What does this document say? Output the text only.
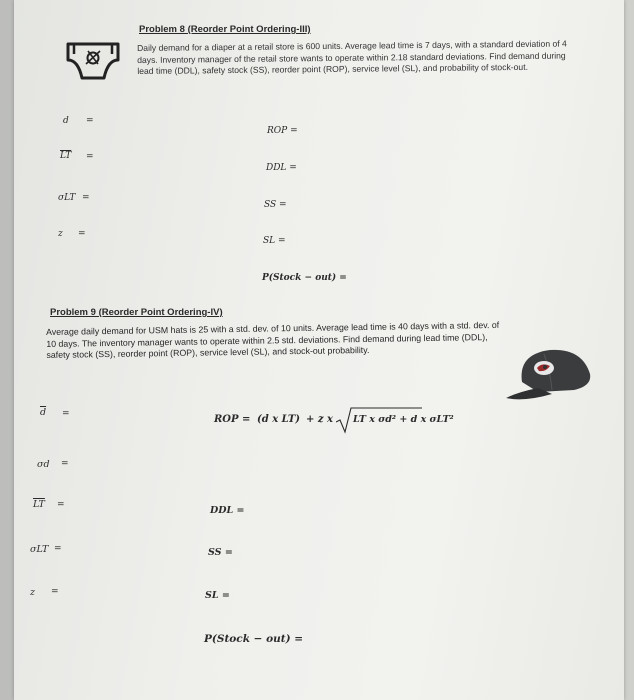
Problem 8 (Reorder Point Ordering-III)
Daily demand for a diaper at a retail store is 600 units. Average lead time is 7 days, with a standard deviation of 4 days. Inventory manager of the retail store wants to operate within 2.18 standard deviations. Find demand during lead time (DDL), safety stock (SS), reorder point (ROP), service level (SL), and probability of stock-out.
d =
$\overline{LT}$ =
σLT =
z =
ROP =
DDL =
SS =
SL =
P(Stock − out) =
Problem 9 (Reorder Point Ordering-IV)
Average daily demand for USM hats is 25 with a std. dev. of 10 units. Average lead time is 40 days with a std. dev. of 10 days. The inventory manager wants to operate within 2.5 std. deviations. Find demand during lead time (DDL), safety stock (SS), reorder point (ROP), service level (SL), and stock-out probability.
$\overline{d}$ =
σd =
$\overline{LT}$ =
σLT =
z =
ROP = (d x LT) + z x LT x σd² + d x σLT²
DDL =
SS =
SL =
P(Stock − out) =
